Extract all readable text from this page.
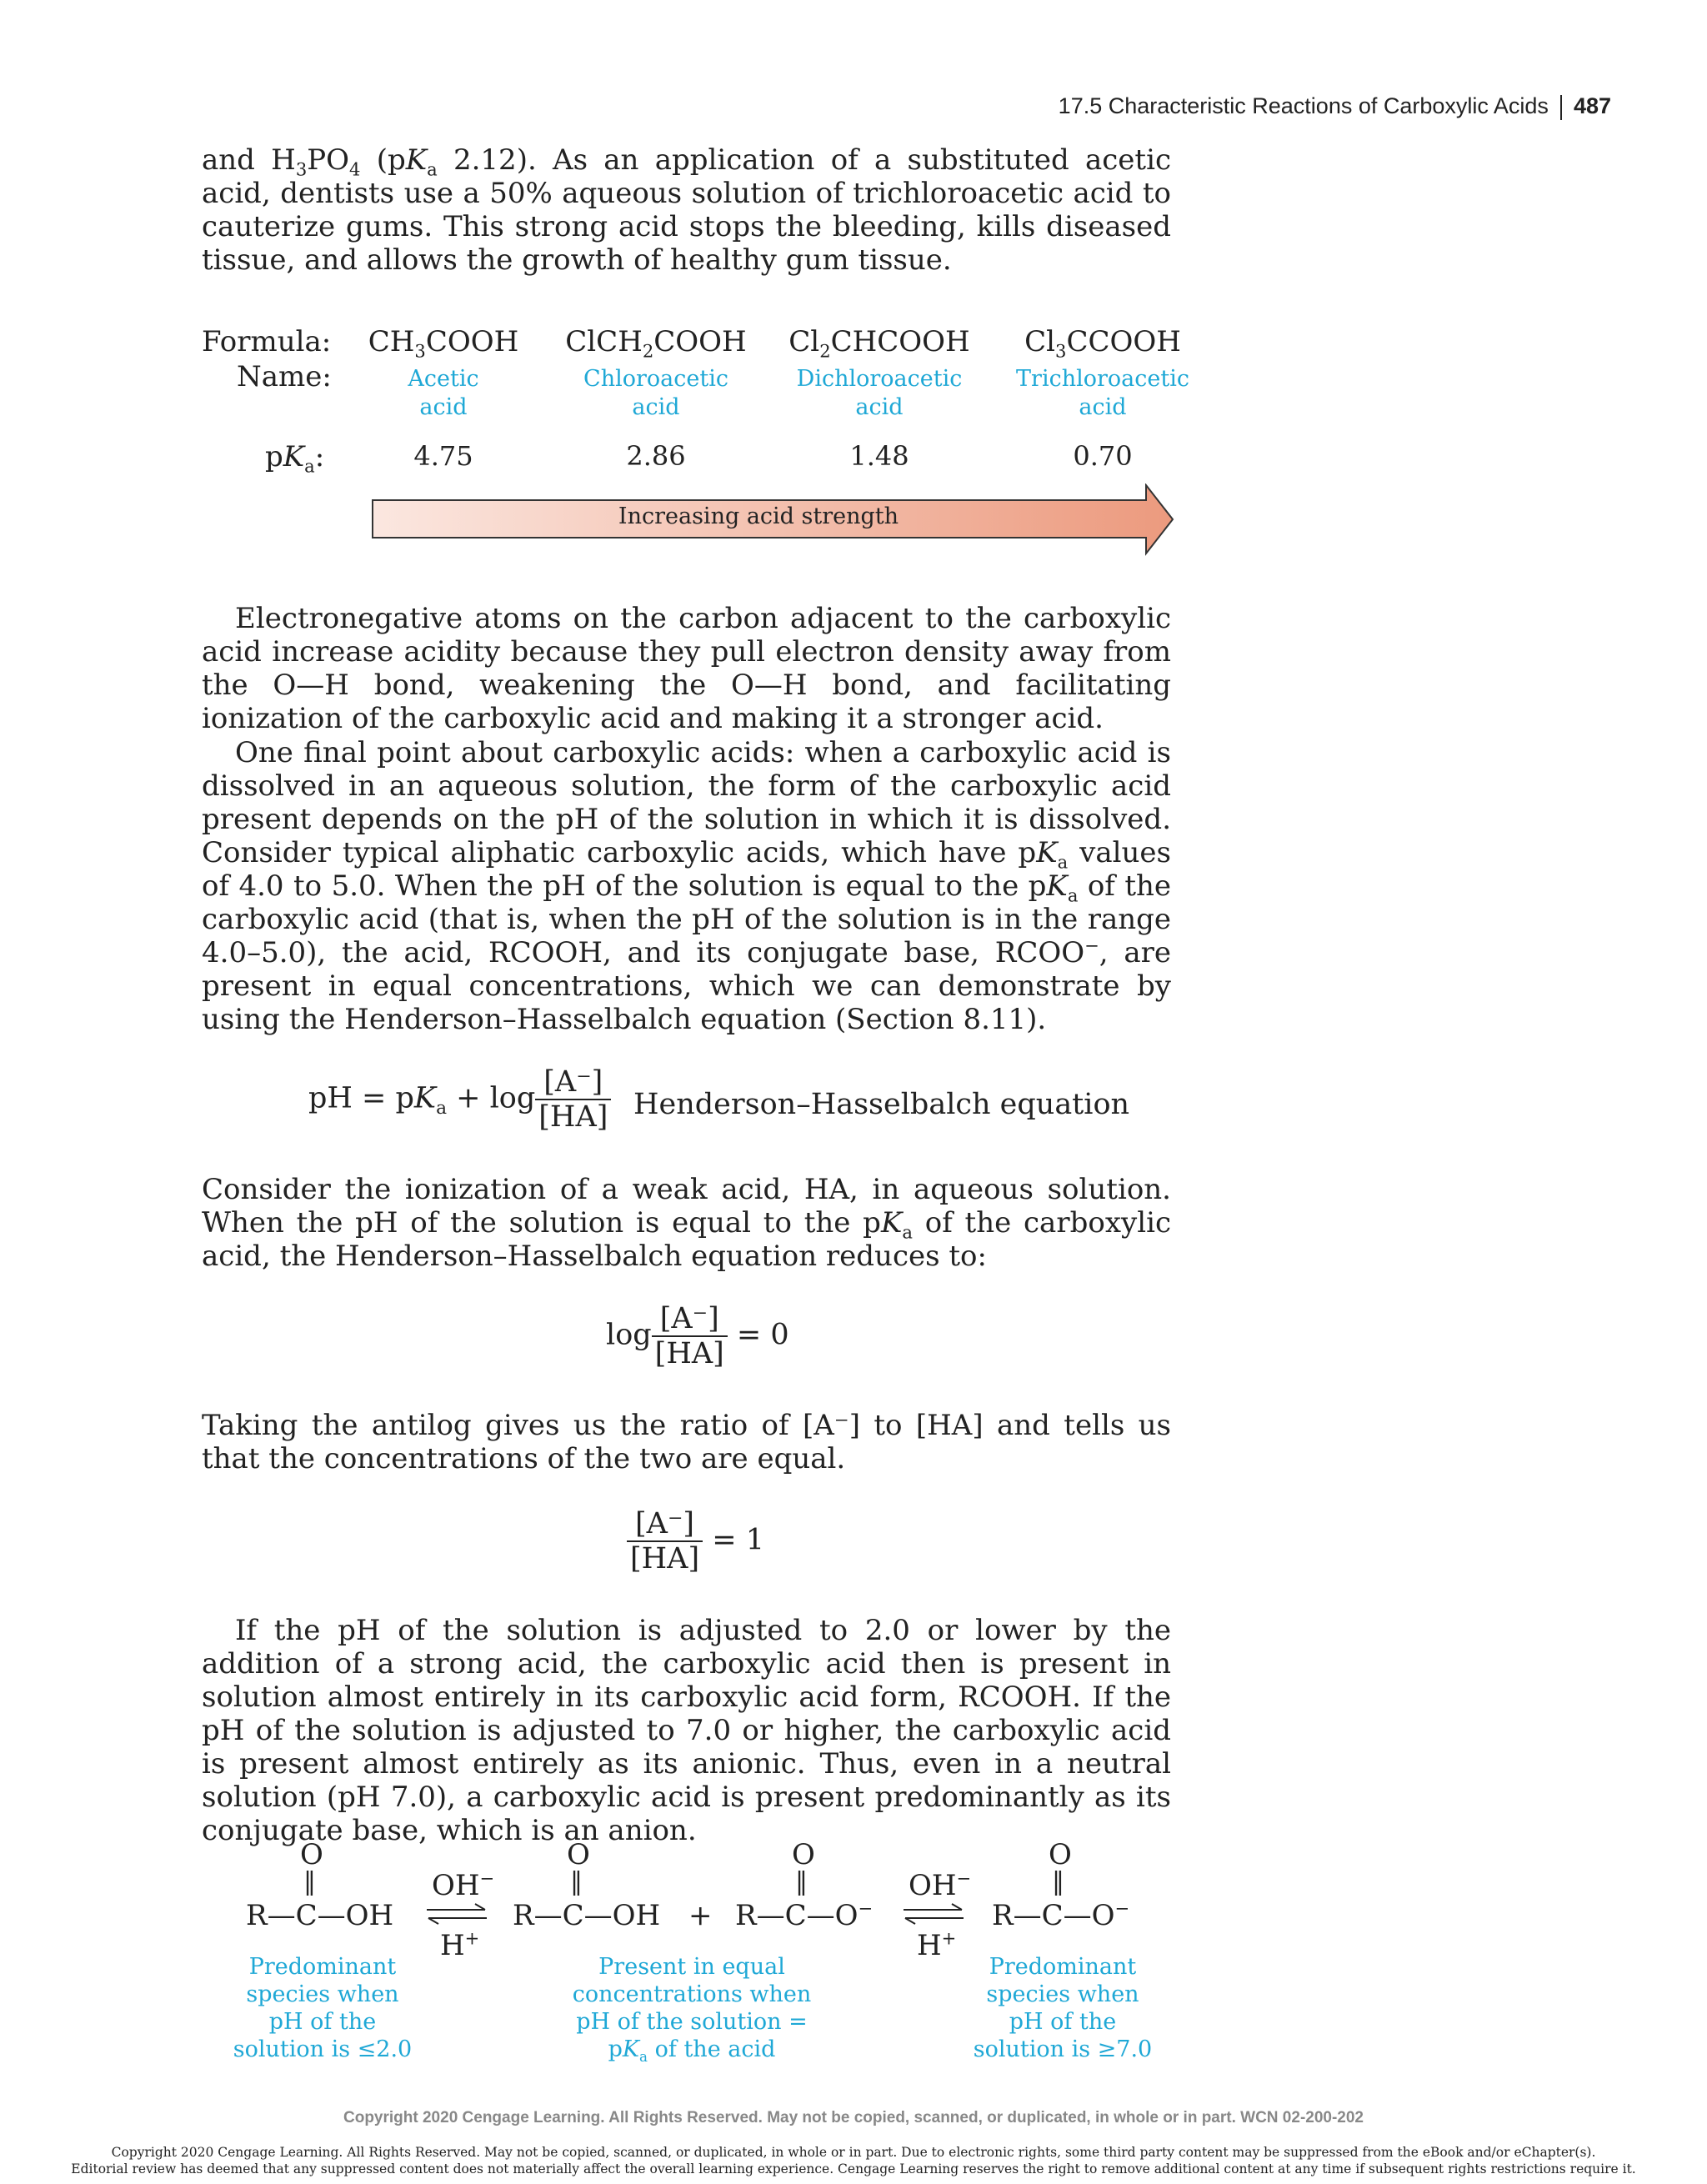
17.5 Characteristic Reactions of Carboxylic Acids 487

and $H_3PO_4$ ($pK_a$ 2.12). As an application of a substituted acetic acid, dentists use a 50% aqueous solution of trichloroacetic acid to cauterize gums. This strong acid stops the bleeding, kills diseased tissue, and allows the growth of healthy gum tissue.

Formula:
Name:
$pK_a$:
$CH_3COOH$
Acetic
acid
4.75
ClCH$_2$COOH
Chloroacetic
acid
2.86
$Cl_2CHCOOH$
Dichloroacetic
acid
1.48
$Cl_3CCOOH$
Trichloroacetic
acid
0.70
Increasing acid strength

Electronegative atoms on the carbon adjacent to the carboxylic acid increase acidity because they pull electron density away from the O—H bond, weakening the O—H bond, and facilitating ionization of the carboxylic acid and making it a stronger acid.

One final point about carboxylic acids: when a carboxylic acid is dissolved in an aqueous solution, the form of the carboxylic acid present depends on the pH of the solution in which it is dissolved. Consider typical aliphatic carboxylic acids, which have $pK_a$ values of 4.0 to 5.0. When the pH of the solution is equal to the $pK_a$ of the carboxylic acid (that is, when the pH of the solution is in the range 4.0–5.0), the acid, RCOOH, and its conjugate base, RCOO−, are present in equal concentrations, which we can demonstrate by using the Henderson–Hasselbalch equation (Section 8.11).

pH = $pK_a + \log \frac{[A^-]}{[HA]}$ Henderson–Hasselbalch equation

Consider the ionization of a weak acid, HA, in aqueous solution. When the pH of the solution is equal to the $pK_a$ of the carboxylic acid, the Henderson–Hasselbalch equation reduces to:

$\log \frac{[A^-]}{[HA]} = 0$

Taking the antilog gives us the ratio of [A⁻] to [HA] and tells us that the concentrations of the two are equal.

$\frac{[A^-]}{[HA]} = 1$

If the pH of the solution is adjusted to 2.0 or lower by the addition of a strong acid, the carboxylic acid then is present in solution almost entirely in its carboxylic acid form, RCOOH. If the pH of the solution is adjusted to 7.0 or higher, the carboxylic acid is present almost entirely as its anionic. Thus, even in a neutral solution (pH 7.0), a carboxylic acid is present predominantly as its conjugate base, which is an anion.

O
‖
R—C—OH
OH−
H+
O
‖
R—C—OH +
O
‖
R—C—O−
OH−
H+
O
‖
R—C—O−
Predominant
species when
pH of the
solution is ≤2.0
Present in equal
concentrations when
pH of the solution =
$pK_a$ of the acid
Predominant
species when
pH of the
solution is ≥7.0
Copyright 2020 Cengage Learning. All Rights Reserved. May not be copied, scanned, or duplicated, in whole or in part. WCN 02-200-202
Copyright 2020 Cengage Learning. All Rights Reserved. May not be copied, scanned, or duplicated, in whole or in part. Due to electronic rights, some third party content may be suppressed from the eBook and/or eChapter(s).
Editorial review has deemed that any suppressed content does not materially affect the overall learning experience. Cengage Learning reserves the right to remove additional content at any time if subsequent rights restrictions require it.
